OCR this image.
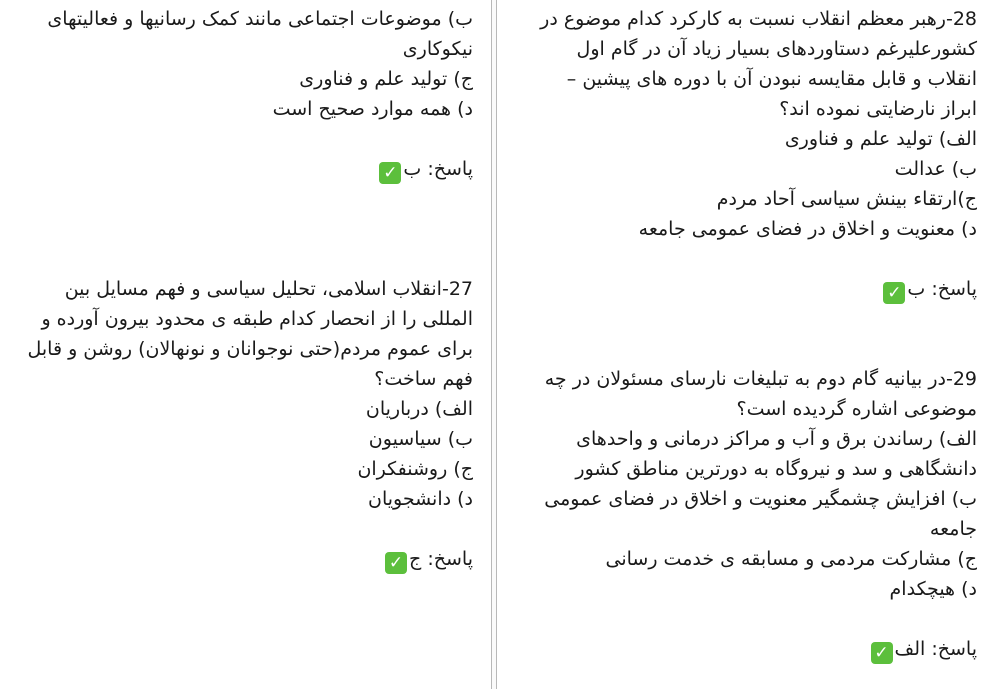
28-رهبر معظم انقلاب نسبت به کارکرد کدام موضوع در
کشورعلیرغم دستاوردهای بسیار زیاد آن در گام اول
انقلاب و قابل مقایسه نبودن آن با دوره های پیشین –
ابراز نارضایتی نموده اند؟
الف) تولید علم و فناوری
ب) عدالت
ج)ارتقاء بینش سیاسی آحاد مردم
د) معنویت و اخلاق در فضای عمومی جامعه
پاسخ: ب✓
29-در بیانیه گام دوم به تبلیغات نارسای مسئولان در چه
موضوعی اشاره گردیده است؟
الف) رساندن برق و آب و مراکز درمانی و واحدهای
دانشگاهی و سد و نیروگاه به دورترین مناطق کشور
ب) افزایش چشمگیر معنویت و اخلاق در فضای عمومی
جامعه
ج) مشارکت مردمی و مسابقه ی خدمت رسانی
د) هیچکدام
پاسخ: الف✓
ب) موضوعات اجتماعی مانند کمک رسانیها و فعالیتهای
نیکوکاری
ج) تولید علم و فناوری
د) همه موارد صحیح است
پاسخ: ب✓
27-انقلاب اسلامی، تحلیل سیاسی و فهم مسایل بین
المللی را از انحصار کدام طبقه ی محدود بیرون آورده و
برای عموم مردم(حتی نوجوانان و نونهالان) روشن و قابل
فهم ساخت؟
الف) درباریان
ب) سیاسیون
ج) روشنفکران
د) دانشجویان
پاسخ: ج✓
